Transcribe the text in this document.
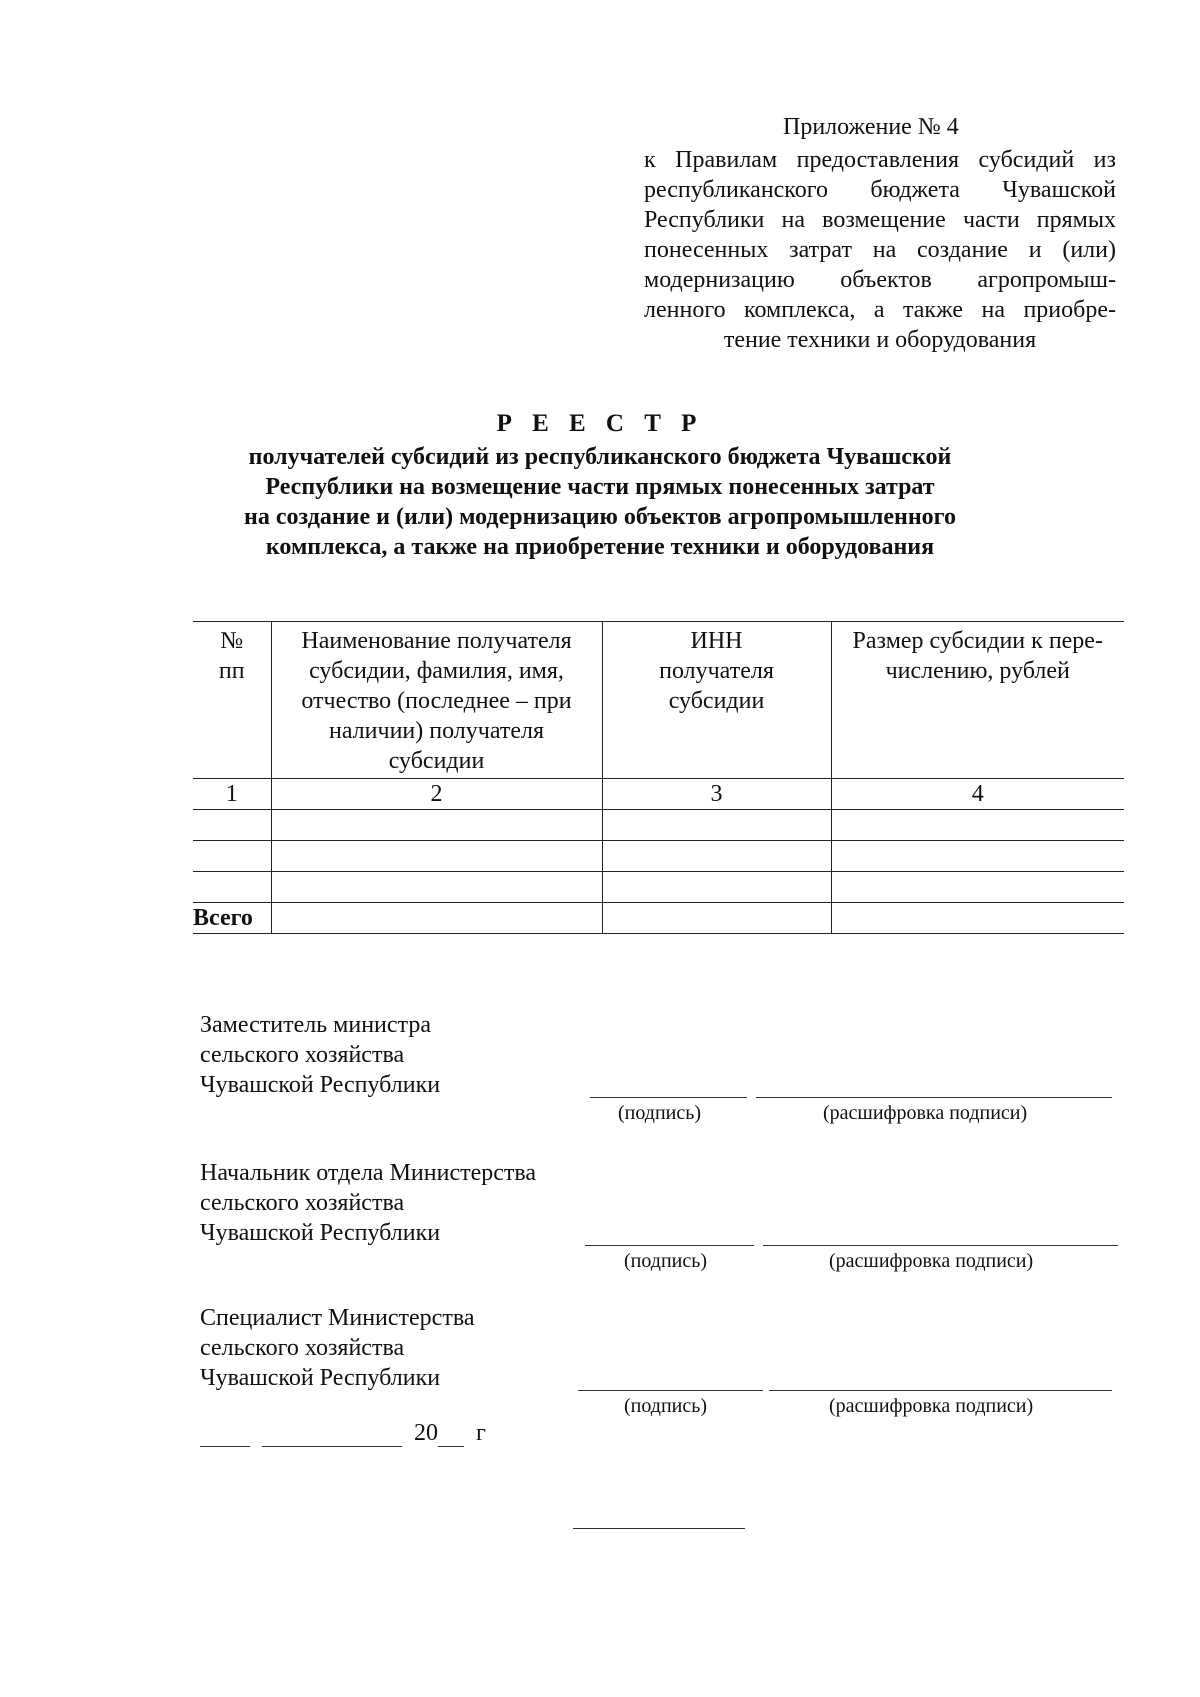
Приложение № 4
к Правилам предоставления субсидий из
республиканского бюджета Чувашской
Республики на возмещение части прямых
понесенных затрат на создание и (или)
модернизацию объектов агропромыш-
ленного комплекса, а также на приобре-
тение техники и оборудования
Р Е Е С Т Р
получателей субсидий из республиканского бюджета Чувашской
Республики на возмещение части прямых понесенных затрат
на создание и (или) модернизацию объектов агропромышленного
комплекса, а также на приобретение техники и оборудования
№ пп	Наименование получателя субсидии, фамилия, имя, отчество (последнее – при наличии) получателя субсидии	ИНН получателя субсидии	Размер субсидии к пере-числению, рублей
1	2	3	4

Всего			
Заместитель министра
сельского хозяйства
Чувашской Республики
(подпись)	(расшифровка подписи)
Начальник отдела Министерства
сельского хозяйства
Чувашской Республики
(подпись)	(расшифровка подписи)
Специалист Министерства
сельского хозяйства
Чувашской Республики
(подпись)	(расшифровка подписи)
20 г
